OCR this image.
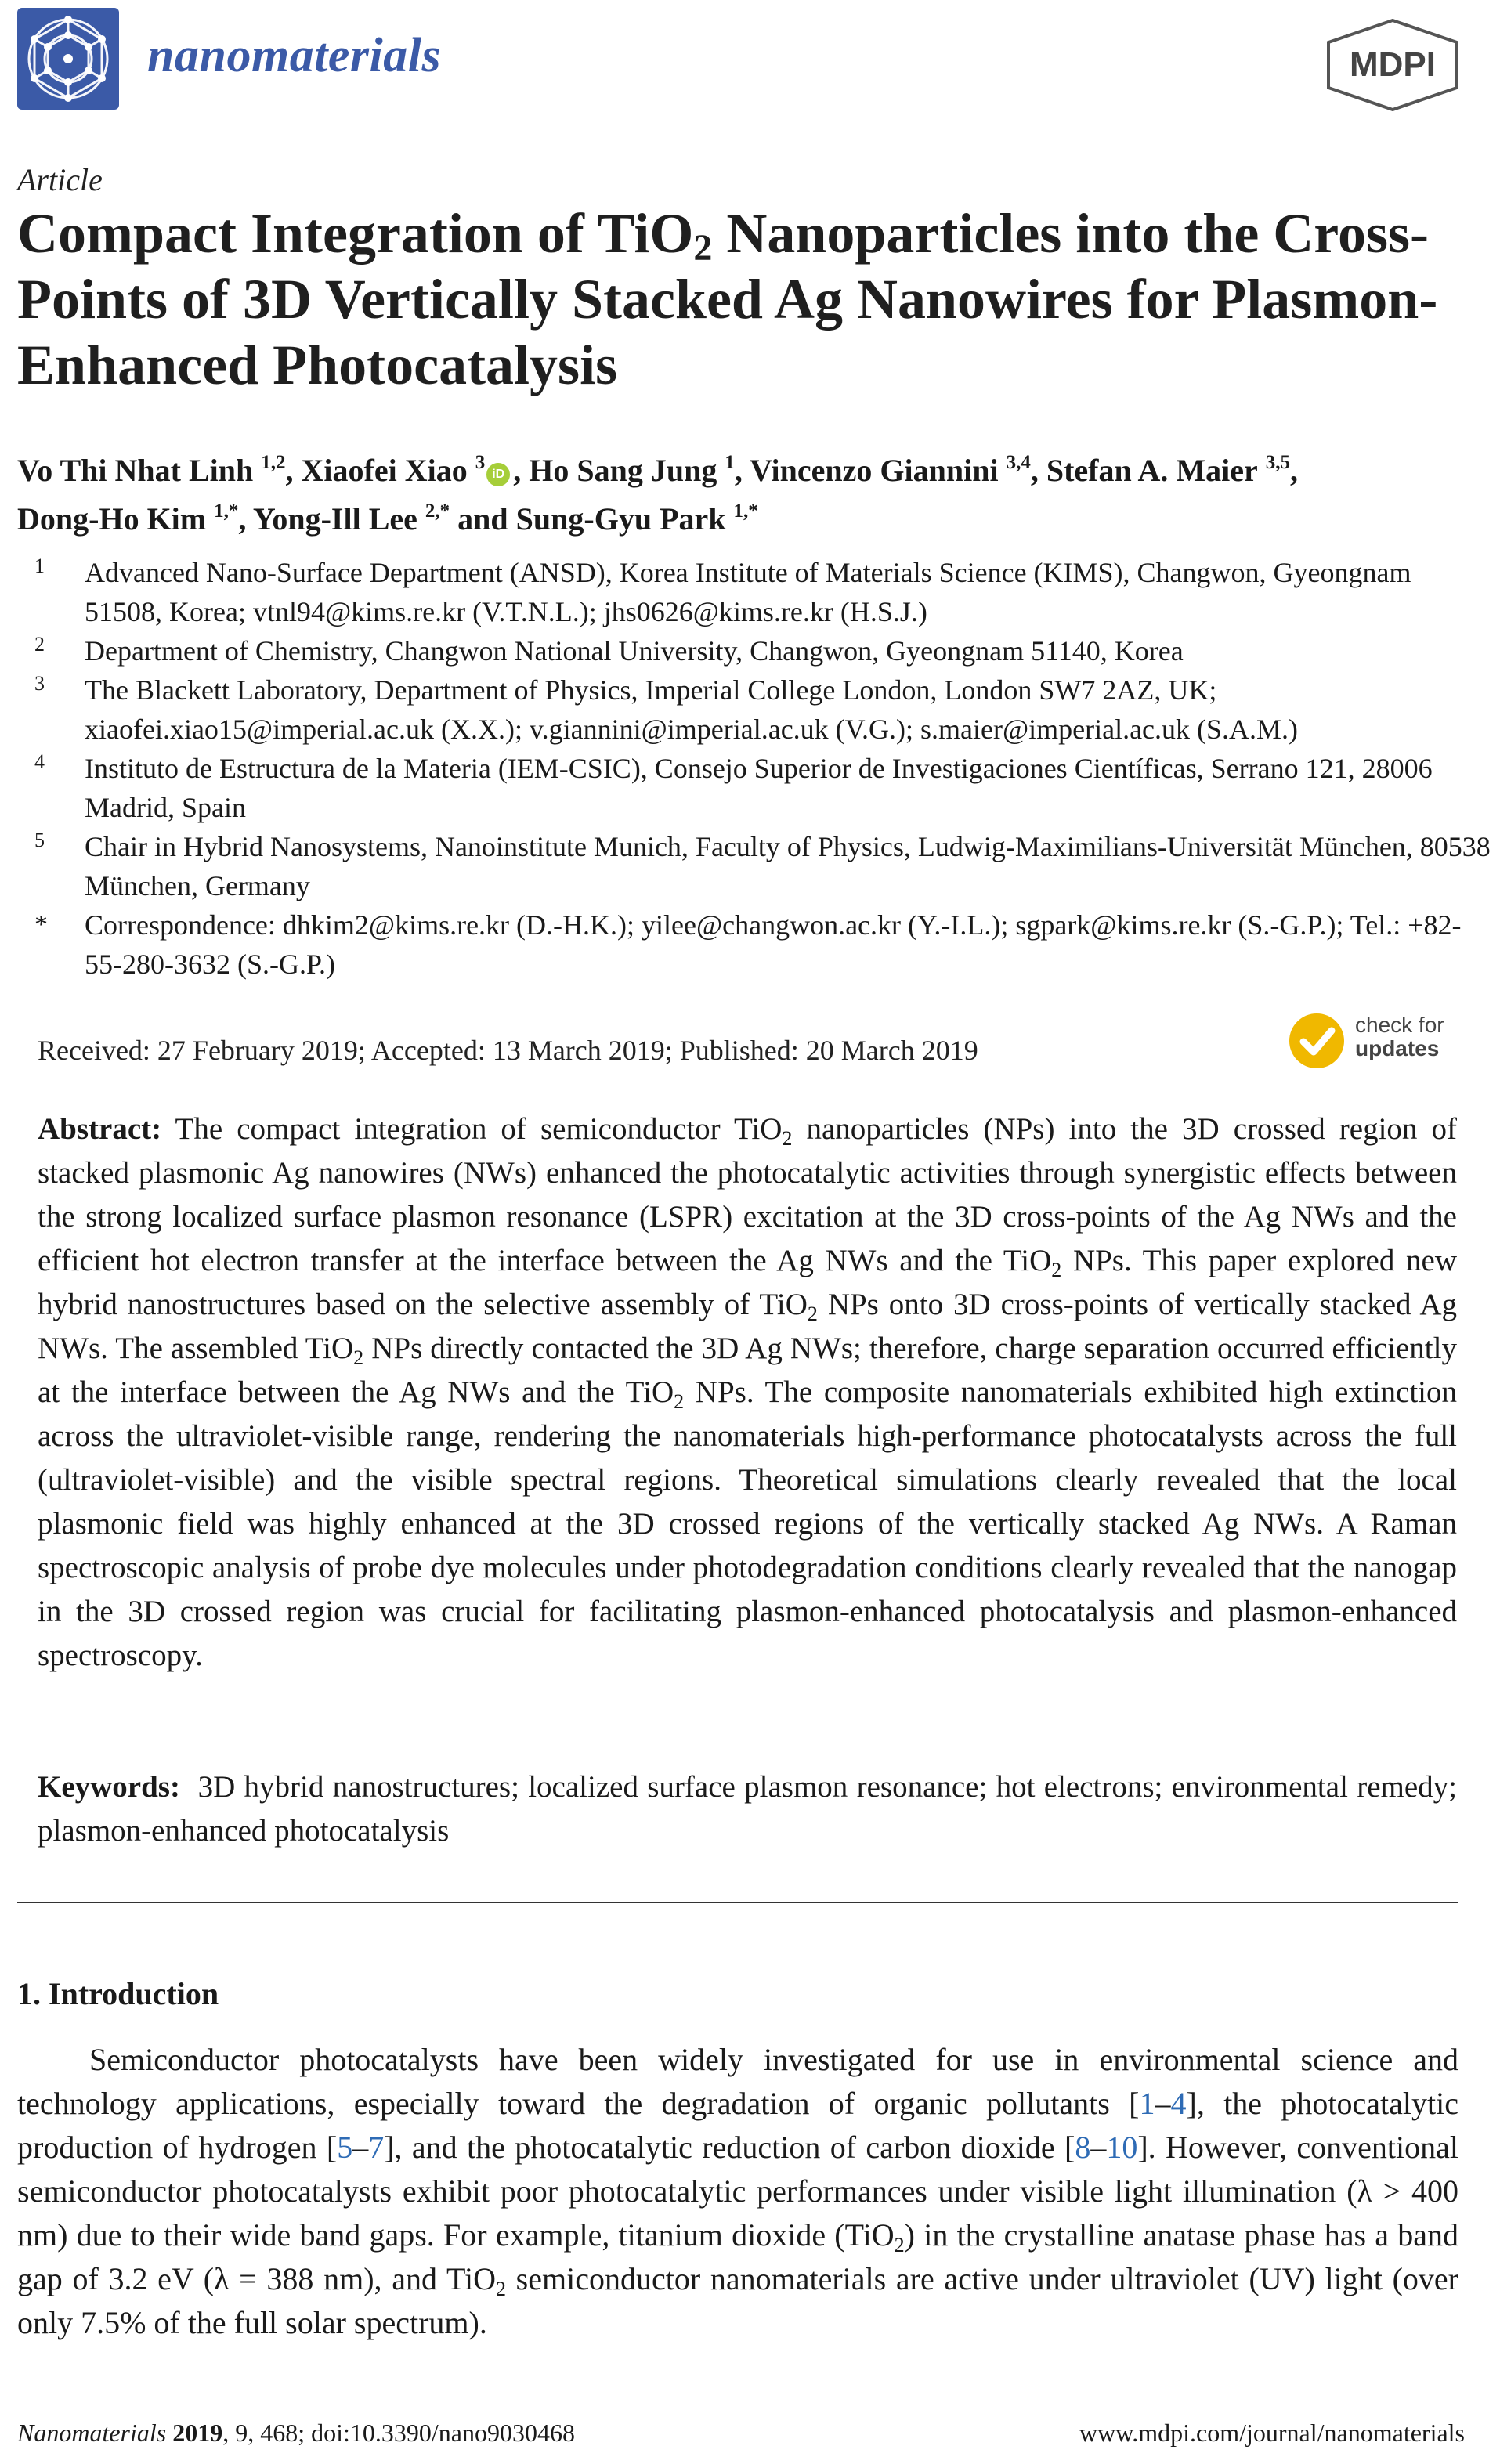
nanomaterials	MDPI
Article
Compact Integration of TiO$_2$ Nanoparticles into the Cross-Points of 3D Vertically Stacked Ag Nanowires for Plasmon-Enhanced Photocatalysis
Vo Thi Nhat Linh $^{1,2}$, Xiaofei Xiao $^3$iD , Ho Sang Jung $^1$, Vincenzo Giannini $^{3,4}$, Stefan A. Maier $^{3,5}$,
Dong-Ho Kim $^{1,*}$, Yong-Ill Lee $^{2,*}$ and Sung-Gyu Park $^{1,*}$
1 Advanced Nano-Surface Department (ANSD), Korea Institute of Materials Science (KIMS), Changwon, Gyeongnam 51508, Korea; vtnl94@kims.re.kr (V.T.N.L.); jhs0626@kims.re.kr (H.S.J.)
2 Department of Chemistry, Changwon National University, Changwon, Gyeongnam 51140, Korea
3 The Blackett Laboratory, Department of Physics, Imperial College London, London SW7 2AZ, UK; xiaofei.xiao15@imperial.ac.uk (X.X.); v.giannini@imperial.ac.uk (V.G.); s.maier@imperial.ac.uk (S.A.M.)
4 Instituto de Estructura de la Materia (IEM-CSIC), Consejo Superior de Investigaciones Científicas, Serrano 121, 28006 Madrid, Spain
5 Chair in Hybrid Nanosystems, Nanoinstitute Munich, Faculty of Physics, Ludwig-Maximilians-Universität München, 80538 München, Germany
* Correspondence: dhkim2@kims.re.kr (D.-H.K.); yilee@changwon.ac.kr (Y.-I.L.); sgpark@kims.re.kr (S.-G.P.); Tel.: +82-55-280-3632 (S.-G.P.)
Received: 27 February 2019; Accepted: 13 March 2019; Published: 20 March 2019
check for
updates
Abstract: The compact integration of semiconductor TiO$_2$ nanoparticles (NPs) into the 3D crossed region of stacked plasmonic Ag nanowires (NWs) enhanced the photocatalytic activities through synergistic effects between the strong localized surface plasmon resonance (LSPR) excitation at the 3D cross-points of the Ag NWs and the efficient hot electron transfer at the interface between the Ag NWs and the TiO$_2$ NPs. This paper explored new hybrid nanostructures based on the selective assembly of TiO$_2$ NPs onto 3D cross-points of vertically stacked Ag NWs. The assembled TiO$_2$ NPs directly contacted the 3D Ag NWs; therefore, charge separation occurred efficiently at the interface between the Ag NWs and the TiO$_2$ NPs. The composite nanomaterials exhibited high extinction across the ultraviolet-visible range, rendering the nanomaterials high-performance photocatalysts across the full (ultraviolet-visible) and the visible spectral regions. Theoretical simulations clearly revealed that the local plasmonic field was highly enhanced at the 3D crossed regions of the vertically stacked Ag NWs. A Raman spectroscopic analysis of probe dye molecules under photodegradation conditions clearly revealed that the nanogap in the 3D crossed region was crucial for facilitating plasmon-enhanced photocatalysis and plasmon-enhanced spectroscopy.
Keywords:  3D hybrid nanostructures; localized surface plasmon resonance; hot electrons; environmental remedy; plasmon-enhanced photocatalysis
1. Introduction
Semiconductor photocatalysts have been widely investigated for use in environmental science and technology applications, especially toward the degradation of organic pollutants [1–4], the photocatalytic production of hydrogen [5–7], and the photocatalytic reduction of carbon dioxide [8–10]. However, conventional semiconductor photocatalysts exhibit poor photocatalytic performances under visible light illumination (λ > 400 nm) due to their wide band gaps. For example, titanium dioxide (TiO$_2$) in the crystalline anatase phase has a band gap of 3.2 eV (λ = 388 nm), and TiO$_2$ semiconductor nanomaterials are active under ultraviolet (UV) light (over only 7.5% of the full solar spectrum).
Nanomaterials 2019, 9, 468; doi:10.3390/nano9030468	www.mdpi.com/journal/nanomaterials
